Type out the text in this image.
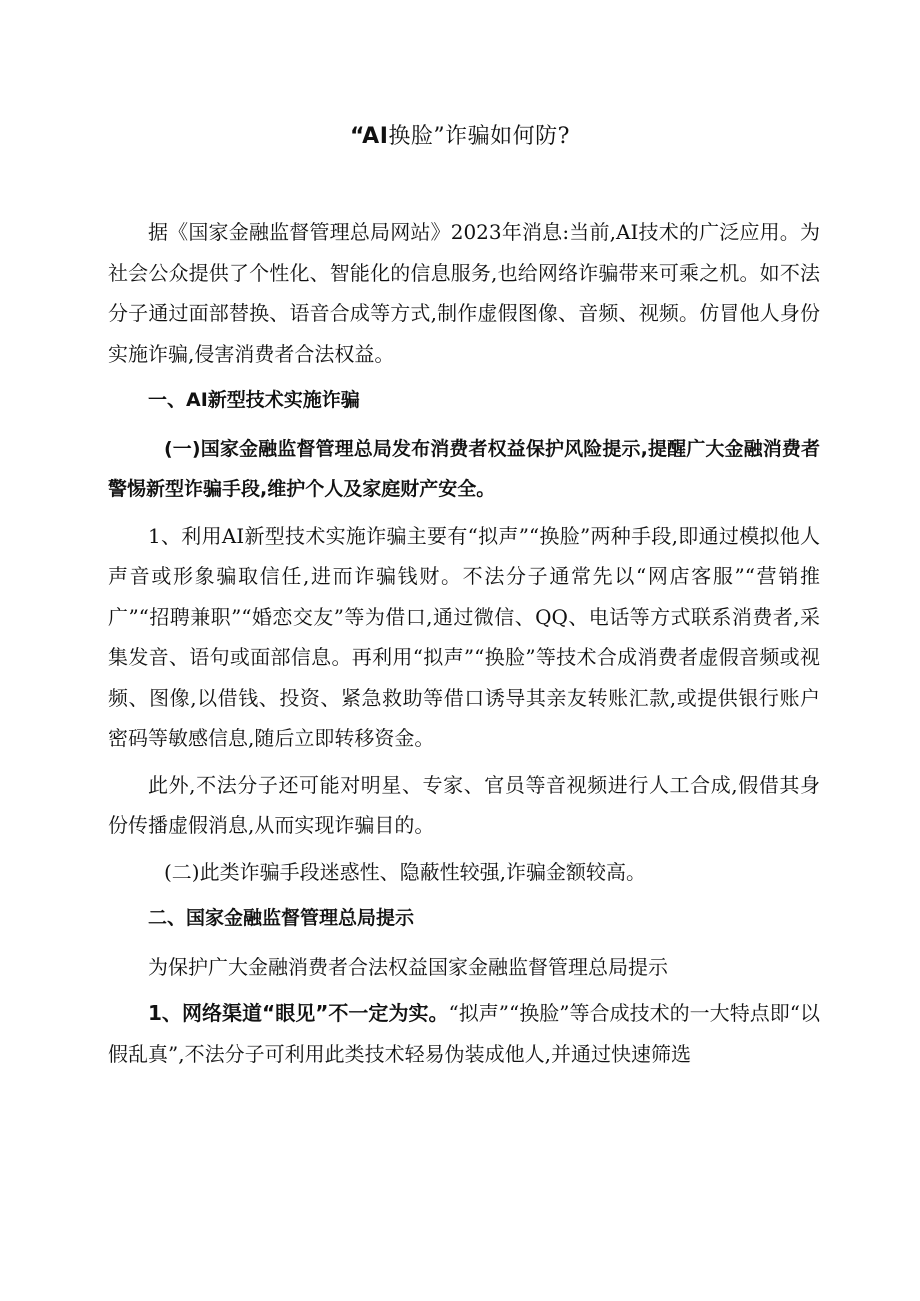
“AI换脸”诈骗如何防?

据《国家金融监督管理总局网站》2023年消息:当前,AI技术的广泛应用。为社会公众提供了个性化、智能化的信息服务,也给网络诈骗带来可乘之机。如不法分子通过面部替换、语音合成等方式,制作虚假图像、音频、视频。仿冒他人身份实施诈骗,侵害消费者合法权益。

一、AI新型技术实施诈骗

(一)国家金融监督管理总局发布消费者权益保护风险提示,提醒广大金融消费者警惕新型诈骗手段,维护个人及家庭财产安全。

1、利用AI新型技术实施诈骗主要有“拟声”“换脸”两种手段,即通过模拟他人声音或形象骗取信任,进而诈骗钱财。不法分子通常先以“网店客服”“营销推广”“招聘兼职”“婚恋交友”等为借口,通过微信、QQ、电话等方式联系消费者,采集发音、语句或面部信息。再利用“拟声”“换脸”等技术合成消费者虚假音频或视频、图像,以借钱、投资、紧急救助等借口诱导其亲友转账汇款,或提供银行账户密码等敏感信息,随后立即转移资金。

此外,不法分子还可能对明星、专家、官员等音视频进行人工合成,假借其身份传播虚假消息,从而实现诈骗目的。

(二)此类诈骗手段迷惑性、隐蔽性较强,诈骗金额较高。

二、国家金融监督管理总局提示

为保护广大金融消费者合法权益国家金融监督管理总局提示

1、网络渠道“眼见”不一定为实。“拟声”“换脸”等合成技术的一大特点即“以假乱真”,不法分子可利用此类技术轻易伪装成他人,并通过快速筛选
